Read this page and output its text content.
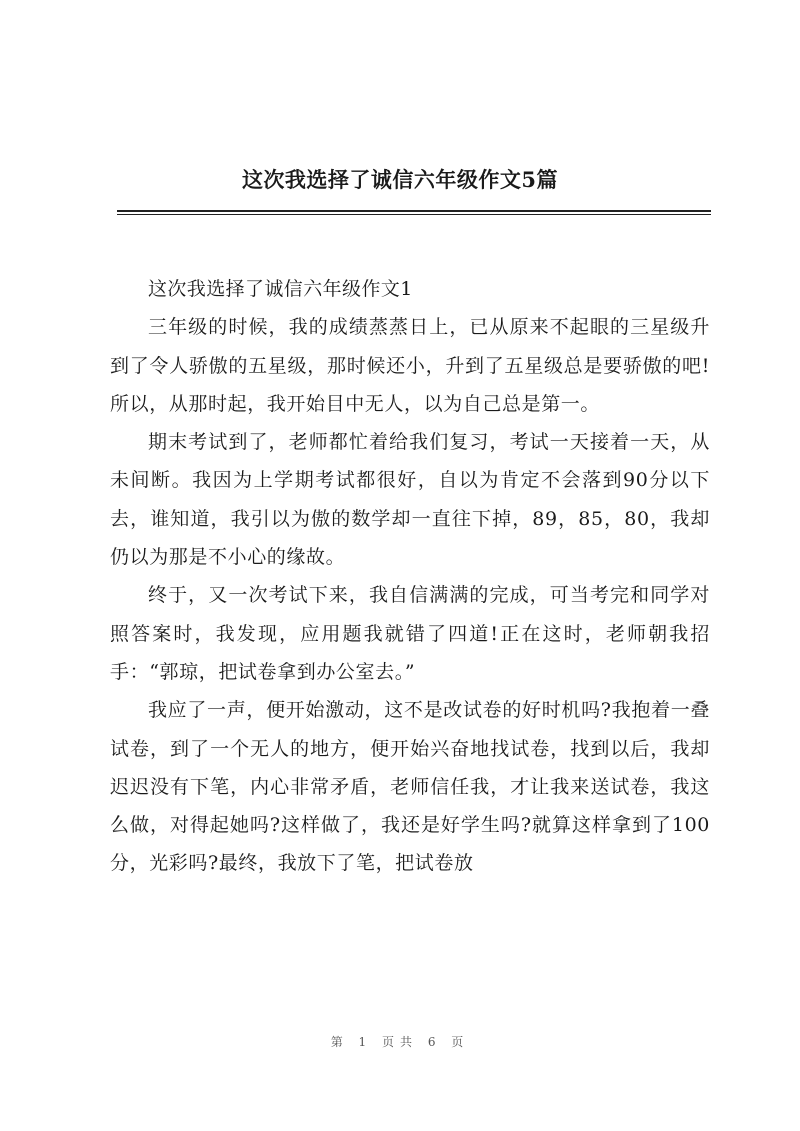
这次我选择了诚信六年级作文5篇

这次我选择了诚信六年级作文1

三年级的时候，我的成绩蒸蒸日上，已从原来不起眼的三星级升到了令人骄傲的五星级，那时候还小，升到了五星级总是要骄傲的吧!所以，从那时起，我开始目中无人，以为自己总是第一。

期末考试到了，老师都忙着给我们复习，考试一天接着一天，从未间断。我因为上学期考试都很好，自以为肯定不会落到90分以下去，谁知道，我引以为傲的数学却一直往下掉，89，85，80，我却仍以为那是不小心的缘故。

终于，又一次考试下来，我自信满满的完成，可当考完和同学对照答案时，我发现，应用题我就错了四道!正在这时，老师朝我招手：“郭琼，把试卷拿到办公室去。”

我应了一声，便开始激动，这不是改试卷的好时机吗?我抱着一叠试卷，到了一个无人的地方，便开始兴奋地找试卷，找到以后，我却迟迟没有下笔，内心非常矛盾，老师信任我，才让我来送试卷，我这么做，对得起她吗?这样做了，我还是好学生吗?就算这样拿到了100分，光彩吗?最终，我放下了笔，把试卷放

第 1 页共 6 页
